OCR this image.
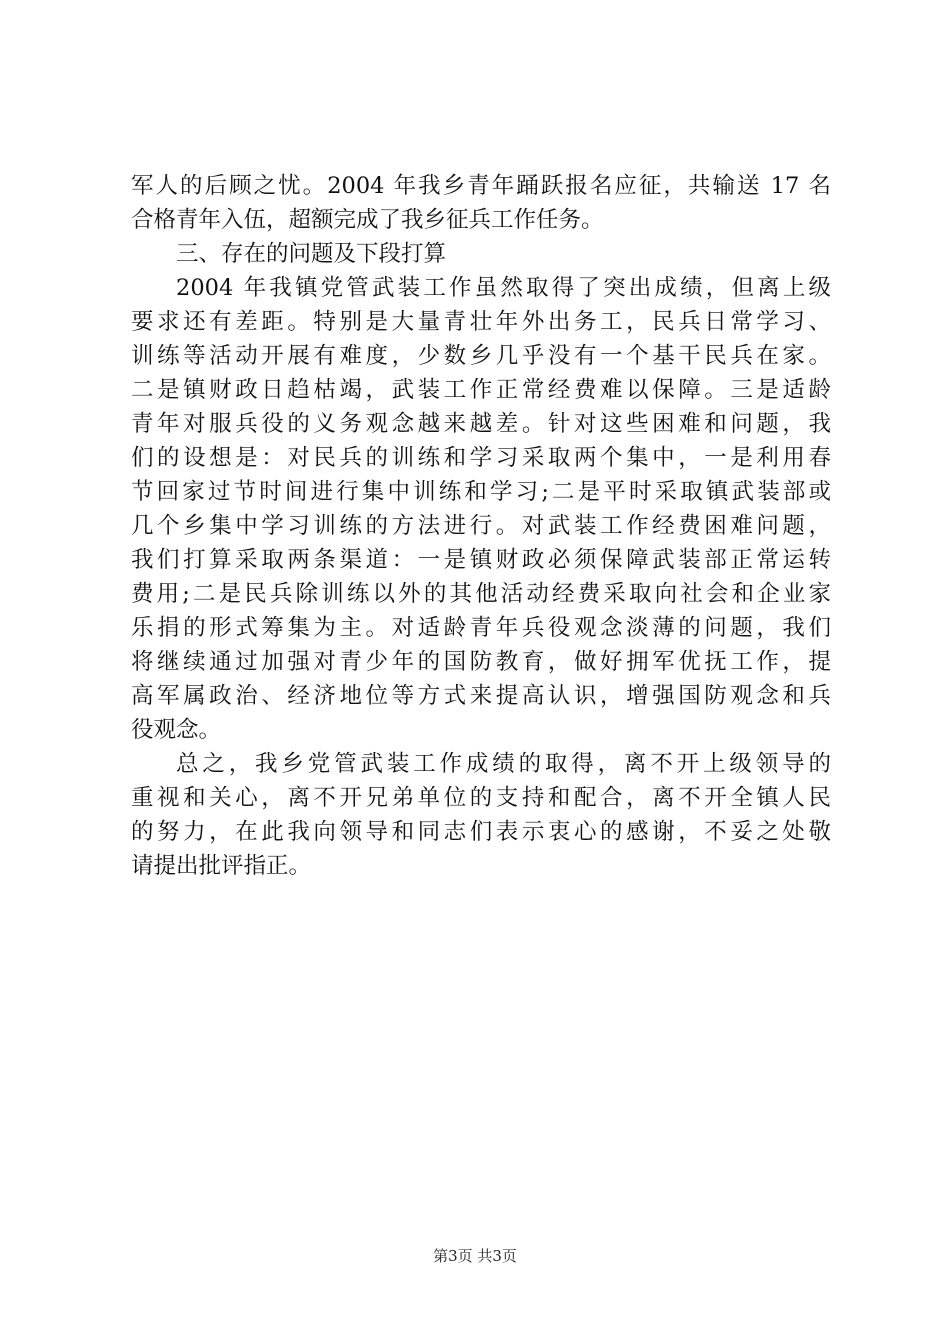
军人的后顾之忧。2004 年我乡青年踊跃报名应征，共输送 17 名
合格青年入伍，超额完成了我乡征兵工作任务。
三、存在的问题及下段打算
2004 年我镇党管武装工作虽然取得了突出成绩，但离上级
要求还有差距。特别是大量青壮年外出务工，民兵日常学习、
训练等活动开展有难度，少数乡几乎没有一个基干民兵在家。
二是镇财政日趋枯竭，武装工作正常经费难以保障。三是适龄
青年对服兵役的义务观念越来越差。针对这些困难和问题，我
们的设想是：对民兵的训练和学习采取两个集中，一是利用春
节回家过节时间进行集中训练和学习;二是平时采取镇武装部或
几个乡集中学习训练的方法进行。对武装工作经费困难问题，
我们打算采取两条渠道：一是镇财政必须保障武装部正常运转
费用;二是民兵除训练以外的其他活动经费采取向社会和企业家
乐捐的形式筹集为主。对适龄青年兵役观念淡薄的问题，我们
将继续通过加强对青少年的国防教育，做好拥军优抚工作，提
高军属政治、经济地位等方式来提高认识，增强国防观念和兵
役观念。
总之，我乡党管武装工作成绩的取得，离不开上级领导的
重视和关心，离不开兄弟单位的支持和配合，离不开全镇人民
的努力，在此我向领导和同志们表示衷心的感谢，不妥之处敬
请提出批评指正。
第3页 共3页
